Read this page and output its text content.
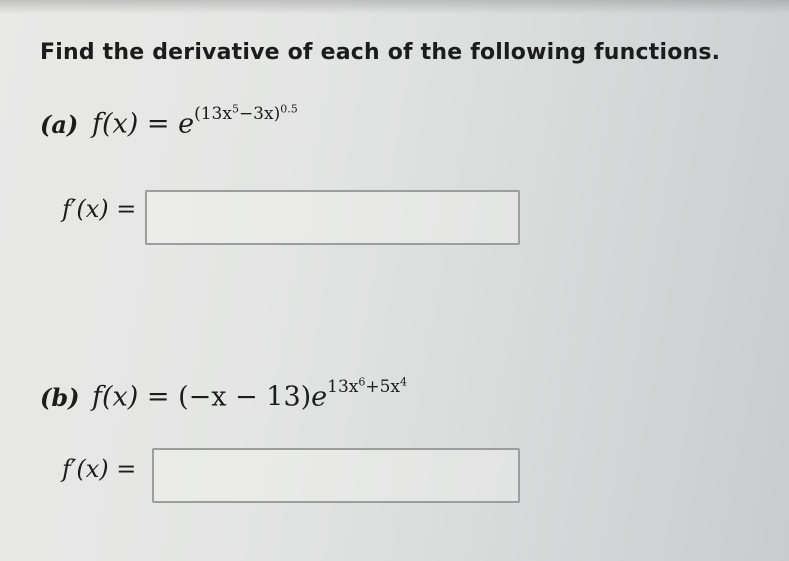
Find the derivative of each of the following functions.
(a) $f(x) = e^{(13x^5-3x)^{0.5}}$
f′(x) =
(b) $f(x) = (-x - 13)e^{13x^6+5x^4}$
f′(x) =
